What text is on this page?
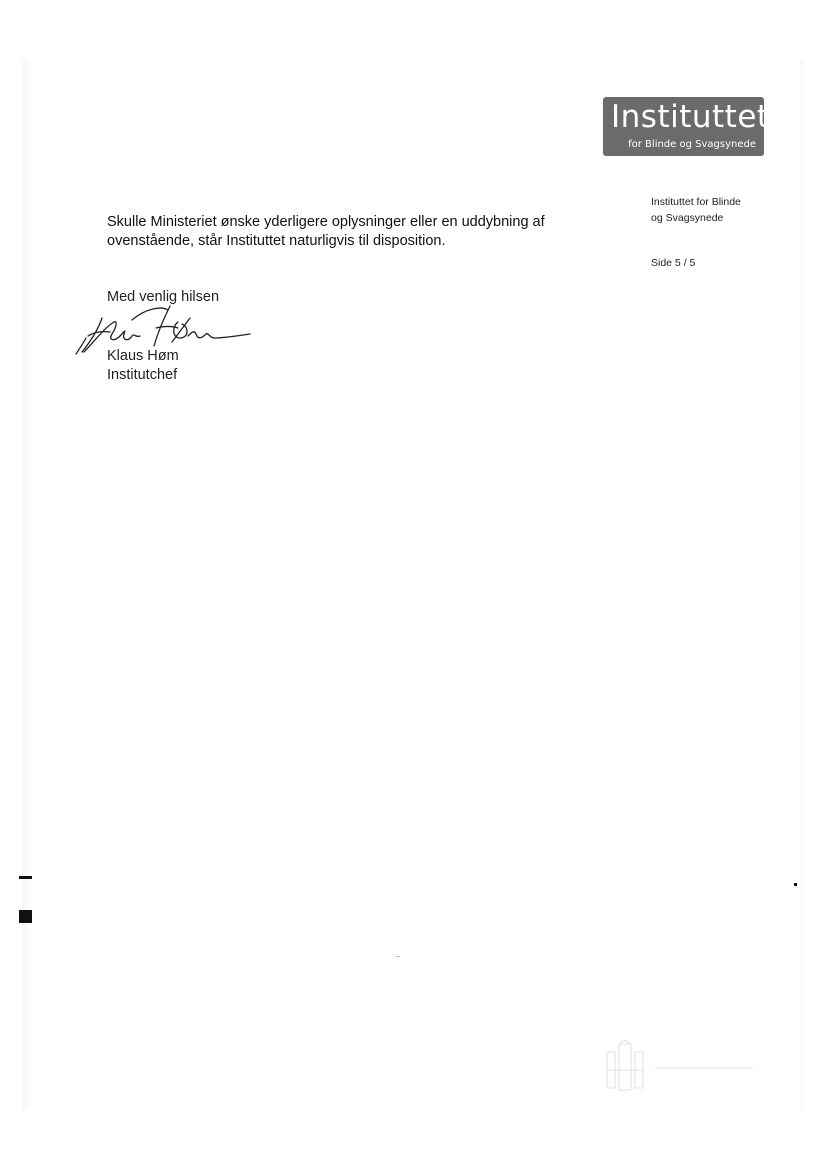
Instituttet
for Blinde og Svagsynede
Instituttet for Blinde
og Svagsynede
Side 5 / 5
Skulle Ministeriet ønske yderligere oplysninger eller en uddybning af ovenstående, står Instituttet naturligvis til disposition.
Med venlig hilsen
Klaus Høm
Institutchef
